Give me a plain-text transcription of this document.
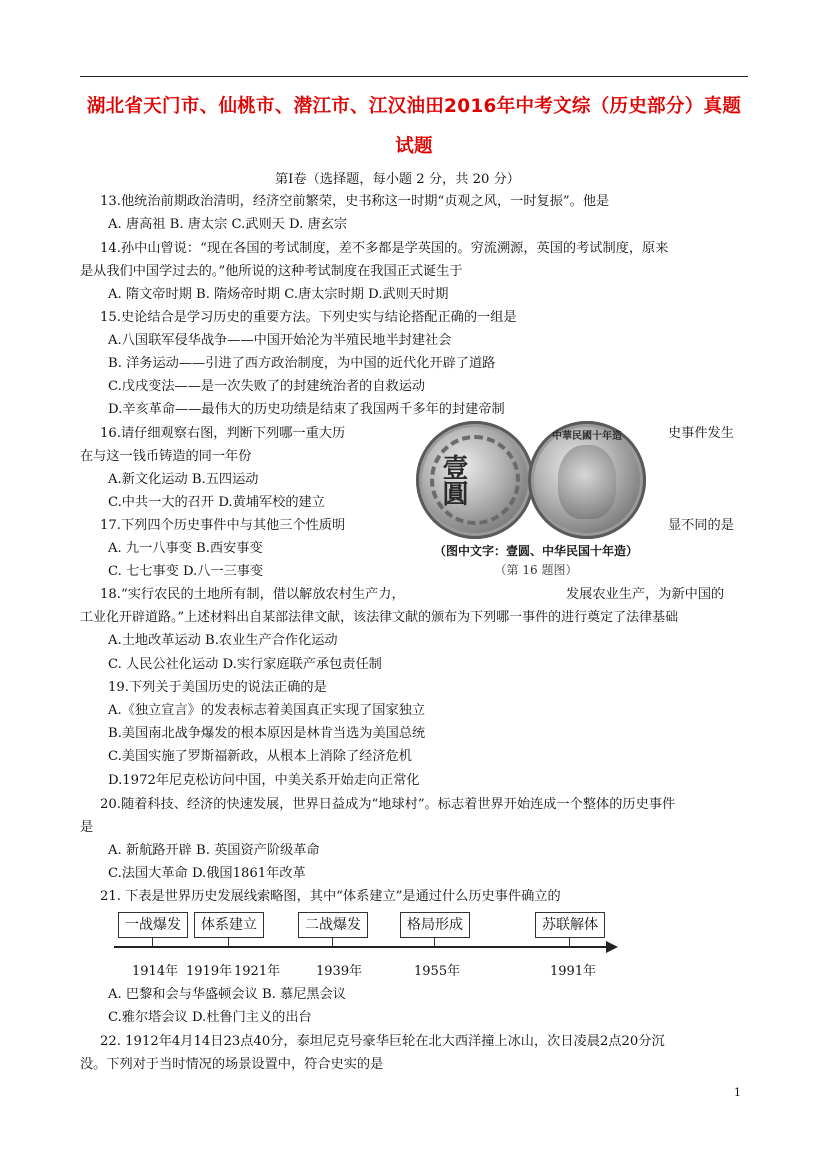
湖北省天门市、仙桃市、潜江市、江汉油田2016年中考文综（历史部分）真题
试题
第Ⅰ卷（选择题，每小题 2 分，共 20 分）
13.他统治前期政治清明，经济空前繁荣，史书称这一时期“贞观之风，一时复振”。他是
A. 唐高祖 B. 唐太宗 C.武则天 D. 唐玄宗
14.孙中山曾说：“现在各国的考试制度，差不多都是学英国的。穷流溯源，英国的考试制度，原来
是从我们中国学过去的。”他所说的这种考试制度在我国正式诞生于
A. 隋文帝时期 B. 隋炀帝时期 C.唐太宗时期 D.武则天时期
15.史论结合是学习历史的重要方法。下列史实与结论搭配正确的一组是
A.八国联军侵华战争——中国开始沦为半殖民地半封建社会
B. 洋务运动——引进了西方政治制度，为中国的近代化开辟了道路
C.戊戌变法——是一次失败了的封建统治者的自救运动
D.辛亥革命——最伟大的历史功绩是结束了我国两千多年的封建帝制
16.请仔细观察右图，判断下列哪一重大历	史事件发生
在与这一钱币铸造的同一年份
A.新文化运动 B.五四运动
C.中共一大的召开 D.黄埔军校的建立	壹圓
中華民國十年造
（图中文字：壹圆、中华民国十年造）
（第 16 题图）
17.下列四个历史事件中与其他三个性质明	显不同的是
A. 九一八事变 B.西安事变
C. 七七事变 D.八一三事变
18.“实行农民的土地所有制，借以解放农村生产力，	发展农业生产，为新中国的
工业化开辟道路。”上述材料出自某部法律文献，该法律文献的颁布为下列哪一事件的进行奠定了法律基础
A.土地改革运动 B.农业生产合作化运动
C. 人民公社化运动 D.实行家庭联产承包责任制
19.下列关于美国历史的说法正确的是
A.《独立宣言》的发表标志着美国真正实现了国家独立
B.美国南北战争爆发的根本原因是林肯当选为美国总统
C.美国实施了罗斯福新政，从根本上消除了经济危机
D.1972年尼克松访问中国，中美关系开始走向正常化
20.随着科技、经济的快速发展，世界日益成为“地球村”。标志着世界开始连成一个整体的历史事件
是
A. 新航路开辟 B. 英国资产阶级革命
C.法国大革命 D.俄国1861年改革
21. 下表是世界历史发展线索略图，其中“体系建立”是通过什么历史事件确立的
一战爆发	体系建立	二战爆发	格局形成	苏联解体
1914年 1919年 1921年	1939年	1955年	1991年
A. 巴黎和会与华盛顿会议 B. 慕尼黑会议
C.雅尔塔会议 D.杜鲁门主义的出台
22. 1912年4月14日23点40分，泰坦尼克号豪华巨轮在北大西洋撞上冰山，次日凌晨2点20分沉
没。下列对于当时情况的场景设置中，符合史实的是
1
